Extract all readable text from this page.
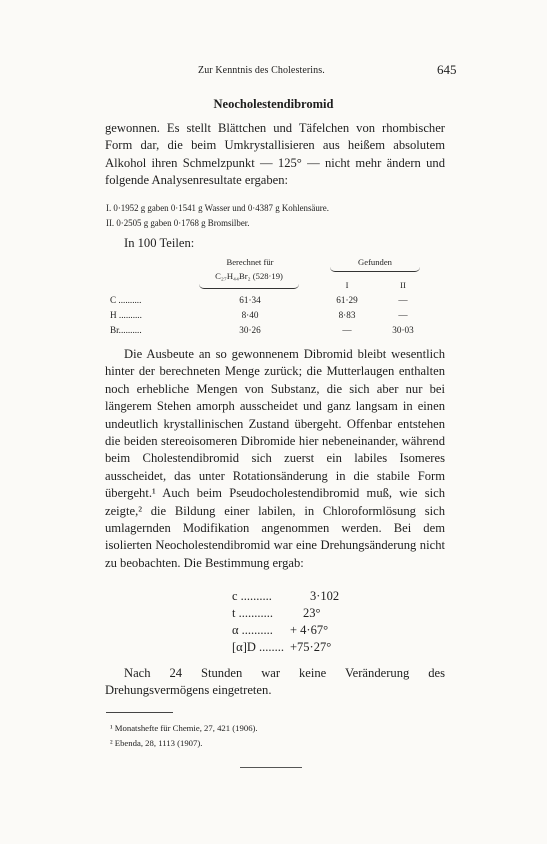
Zur Kenntnis des Cholesterins.	645
Neocholestendibromid

gewonnen. Es stellt Blättchen und Täfelchen von rhombischer Form dar, die beim Umkrystallisieren aus heißem absolutem Alkohol ihren Schmelzpunkt — 125° — nicht mehr ändern und folgende Analysenresultate ergaben:

I. 0·1952 g gaben 0·1541 g Wasser und 0·4387 g Kohlensäure.
II. 0·2505 g gaben 0·1768 g Bromsilber.

In 100 Teilen:

Berechnet für
C₂₇H₄₄Br₂ (528·19)
Gefunden
I	II
C ..........	61·34	61·29	—
H ..........	8·40	8·83	—
Br..........	30·26	—	30·03

Die Ausbeute an so gewonnenem Dibromid bleibt wesentlich hinter der berechneten Menge zurück; die Mutterlaugen enthalten noch erhebliche Mengen von Substanz, die sich aber nur bei längerem Stehen amorph ausscheidet und ganz langsam in einen undeutlich krystallinischen Zustand übergeht. Offenbar entstehen die beiden stereoisomeren Dibromide hier nebeneinander, während beim Cholestendibromid sich zuerst ein labiles Isomeres ausscheidet, das unter Rotationsänderung in die stabile Form übergeht.¹ Auch beim Pseudocholestendibromid muß, wie sich zeigte,² die Bildung einer labilen, in Chloroformlösung sich umlagernden Modifikation angenommen werden. Bei dem isolierten Neocholestendibromid war eine Drehungsänderung nicht zu beobachten. Die Bestimmung ergab:

c ..........	3·102
t ........... 23°
α .......... + 4·67°
[α]D ........ +75·27°

Nach 24 Stunden war keine Veränderung des Drehungsvermögens eingetreten.

¹ Monatshefte für Chemie, 27, 421 (1906).
² Ebenda, 28, 1113 (1907).
